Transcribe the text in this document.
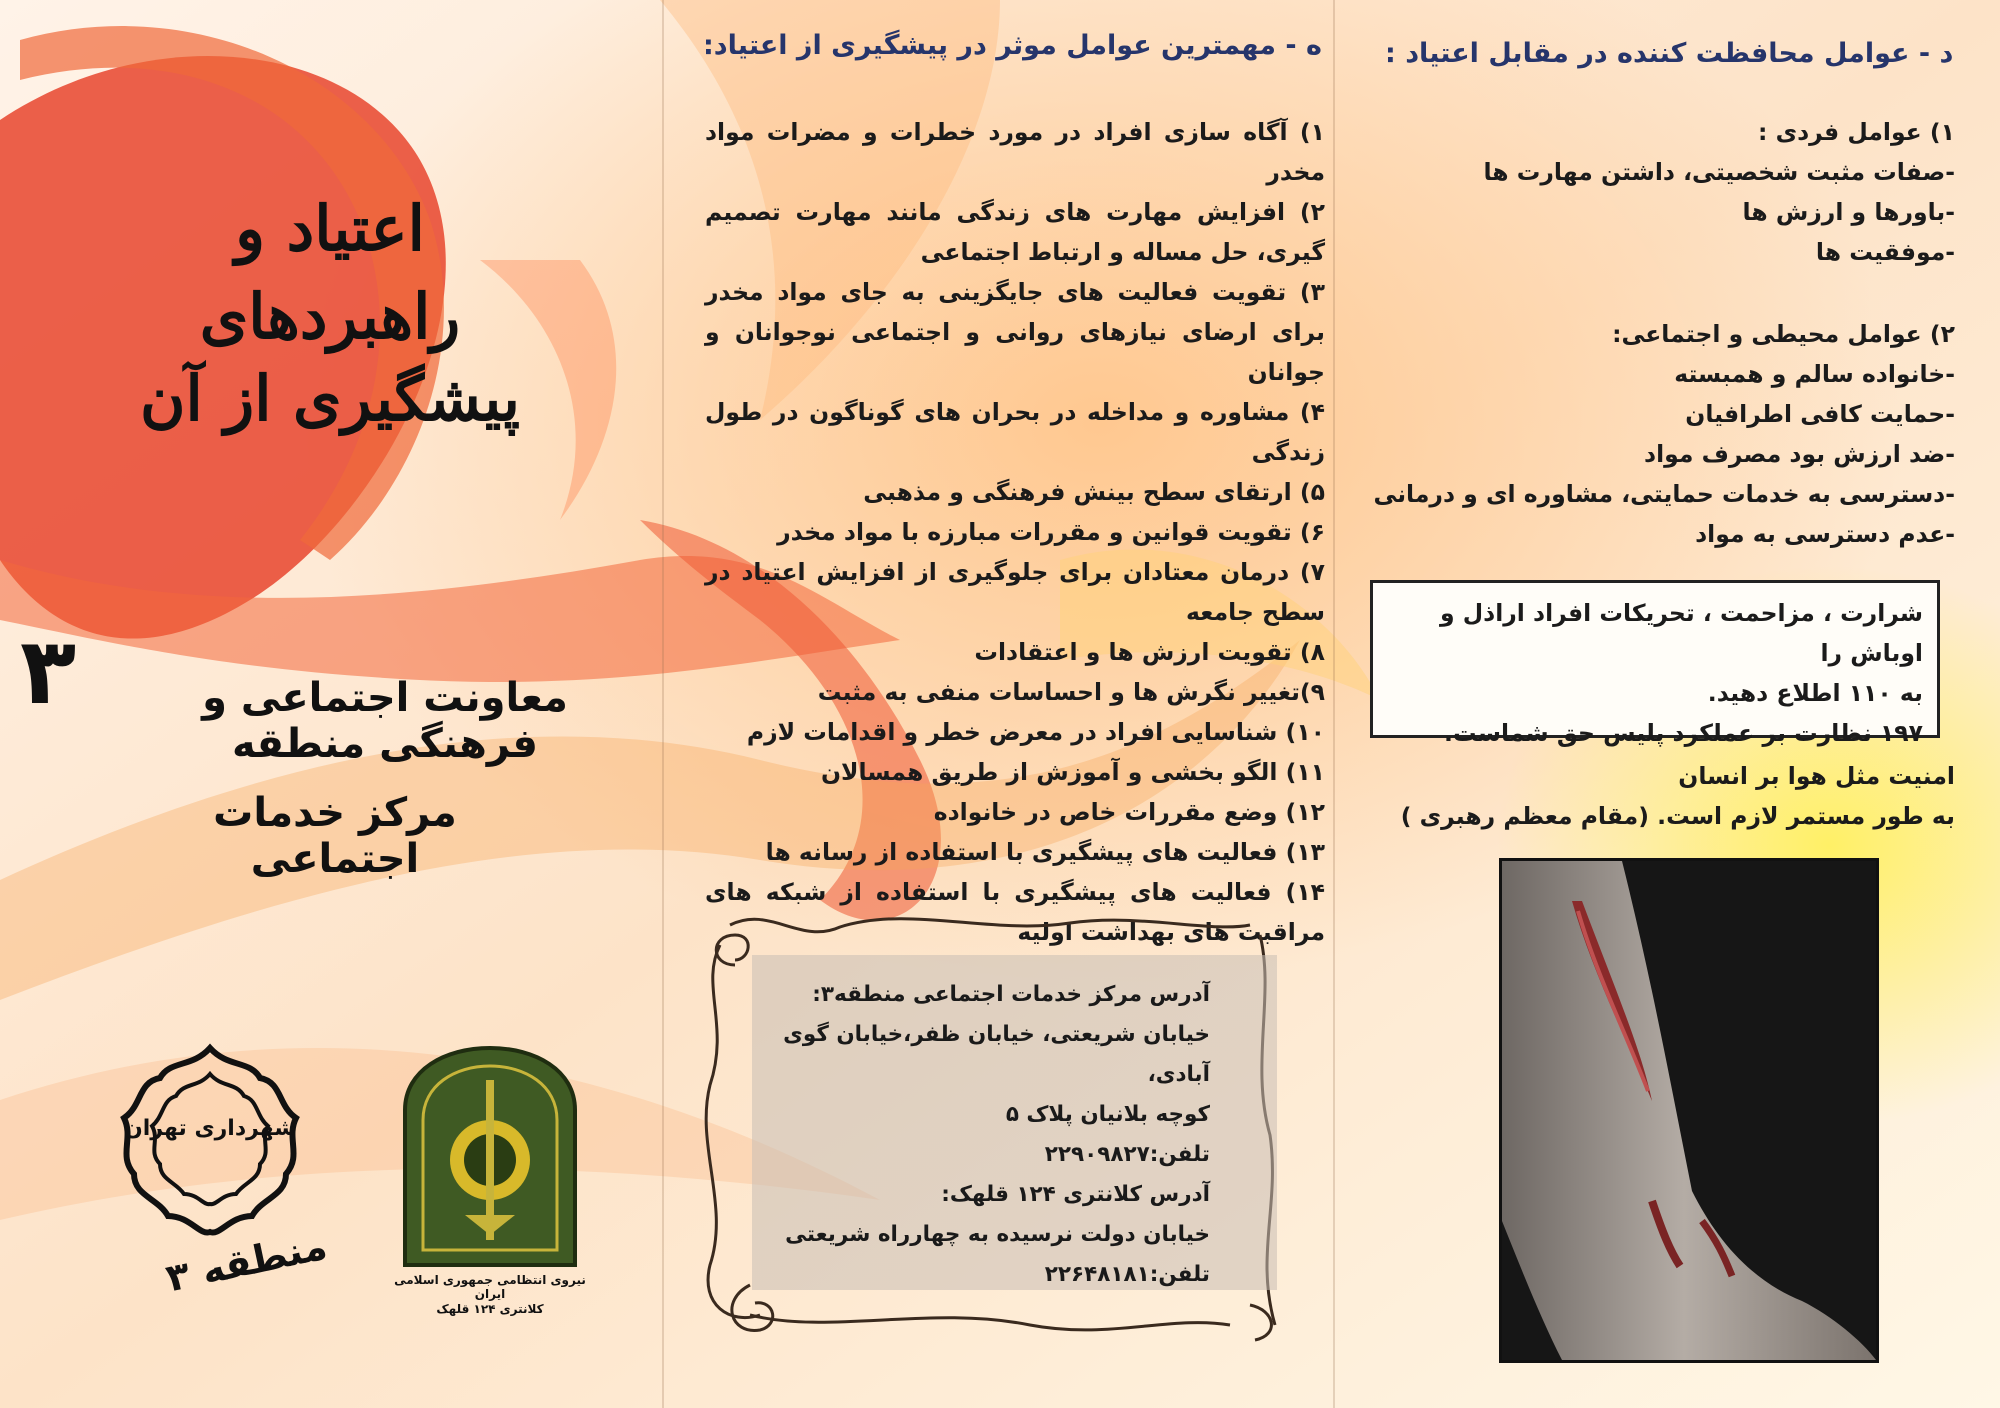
اعتیاد و راهبردهای
پیشگیری از آن
۳	معاونت اجتماعی و فرهنگی منطقه
مرکز خدمات اجتماعی
شهرداری تهران
منطقه ۳	نیروی انتظامی جمهوری اسلامی ایران
کلانتری ۱۲۴ قلهک
ه - مهمترین عوامل موثر در پیشگیری از اعتیاد:
۱) آگاه سازی افراد در مورد خطرات و مضرات مواد مخدر
۲) افزایش مهارت های زندگی مانند مهارت تصمیم گیری، حل مساله و ارتباط اجتماعی
۳) تقویت فعالیت های جایگزینی به جای مواد مخدر برای ارضای نیازهای روانی و اجتماعی نوجوانان و جوانان
۴) مشاوره و مداخله در بحران های گوناگون در طول زندگی
۵) ارتقای سطح بینش فرهنگی و مذهبی
۶) تقویت قوانین و مقررات مبارزه با مواد مخدر
۷) درمان معتادان برای جلوگیری از افزایش اعتیاد در سطح جامعه
۸) تقویت ارزش ها و اعتقادات
۹)تغییر نگرش ها و احساسات منفی به مثبت
۱۰) شناسایی افراد در معرض خطر و اقدامات لازم
۱۱) الگو بخشی و آموزش از طریق همسالان
۱۲) وضع مقررات خاص در خانواده
۱۳) فعالیت های پیشگیری با استفاده از رسانه ها
۱۴) فعالیت های پیشگیری با استفاده از شبکه های مراقبت های بهداشت اولیه
آدرس مرکز خدمات اجتماعی منطقه۳:
خیابان شریعتی، خیابان ظفر،خیابان گوی آبادی،
کوچه بلانیان پلاک ۵
تلفن:۲۲۹۰۹۸۲۷
آدرس کلانتری ۱۲۴ قلهک:
خیابان دولت نرسیده به چهارراه شریعتی
تلفن:۲۲۶۴۸۱۸۱
د - عوامل محافظت کننده در مقابل اعتیاد :
۱) عوامل فردی :
-صفات مثبت شخصیتی، داشتن مهارت ها
-باورها و ارزش ها
-موفقیت ها
۲) عوامل محیطی و اجتماعی:
-خانواده سالم و همبسته
-حمایت کافی اطرافیان
-ضد ارزش بود مصرف مواد
-دسترسی به خدمات حمایتی، مشاوره ای و درمانی
-عدم دسترسی به مواد
شرارت ، مزاحمت ، تحریکات افراد اراذل و اوباش را
به ۱۱۰ اطلاع دهید.
۱۹۷ نظارت بر عملکرد پلیس حق شماست.
امنیت مثل هوا بر انسان
به طور مستمر لازم است. (مقام معظم رهبری )
